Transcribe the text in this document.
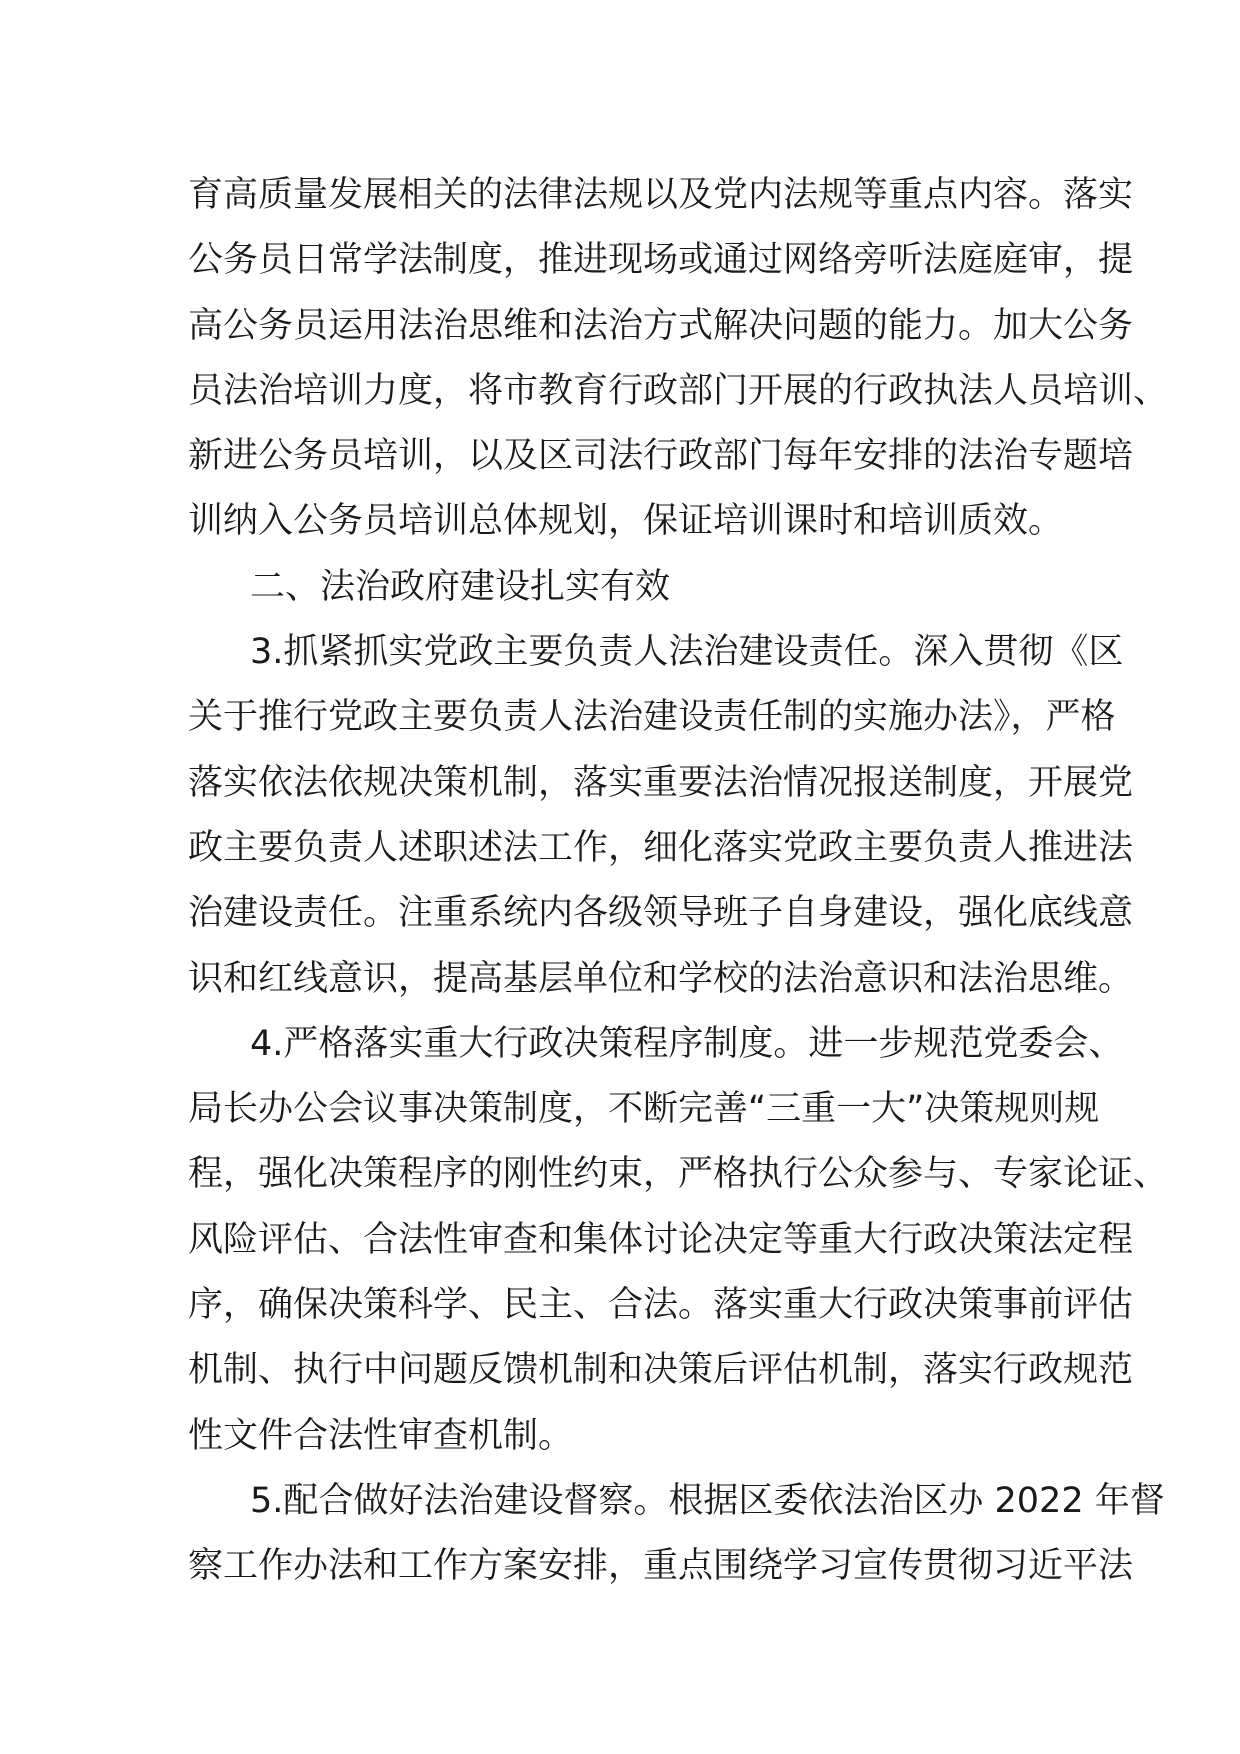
育高质量发展相关的法律法规以及党内法规等重点内容。落实
公务员日常学法制度，推进现场或通过网络旁听法庭庭审，提
高公务员运用法治思维和法治方式解决问题的能力。加大公务
员法治培训力度，将市教育行政部门开展的行政执法人员培训、
新进公务员培训，以及区司法行政部门每年安排的法治专题培
训纳入公务员培训总体规划，保证培训课时和培训质效。
二、法治政府建设扎实有效
3.抓紧抓实党政主要负责人法治建设责任。深入贯彻《区
关于推行党政主要负责人法治建设责任制的实施办法》，严格
落实依法依规决策机制，落实重要法治情况报送制度，开展党
政主要负责人述职述法工作，细化落实党政主要负责人推进法
治建设责任。注重系统内各级领导班子自身建设，强化底线意
识和红线意识，提高基层单位和学校的法治意识和法治思维。
4.严格落实重大行政决策程序制度。进一步规范党委会、
局长办公会议事决策制度，不断完善“三重一大”决策规则规
程，强化决策程序的刚性约束，严格执行公众参与、专家论证、
风险评估、合法性审查和集体讨论决定等重大行政决策法定程
序，确保决策科学、民主、合法。落实重大行政决策事前评估
机制、执行中问题反馈机制和决策后评估机制，落实行政规范
性文件合法性审查机制。
5.配合做好法治建设督察。根据区委依法治区办 2022 年督
察工作办法和工作方案安排，重点围绕学习宣传贯彻习近平法
